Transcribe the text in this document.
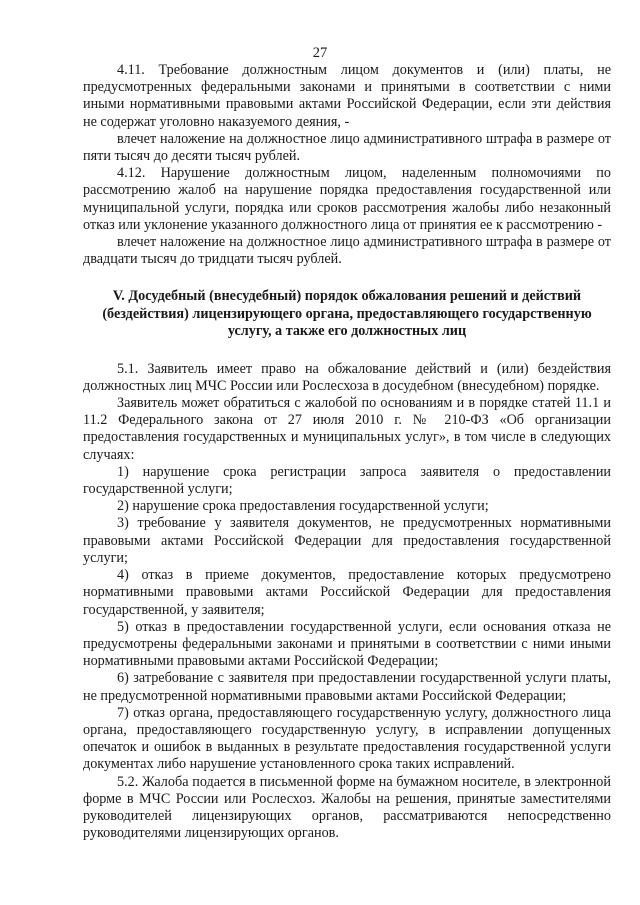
27

4.11. Требование должностным лицом документов и (или) платы, не предусмотренных федеральными законами и принятыми в соответствии с ними иными нормативными правовыми актами Российской Федерации, если эти действия не содержат уголовно наказуемого деяния, -

влечет наложение на должностное лицо административного штрафа в размере от пяти тысяч до десяти тысяч рублей.

4.12. Нарушение должностным лицом, наделенным полномочиями по рассмотрению жалоб на нарушение порядка предоставления государственной или муниципальной услуги, порядка или сроков рассмотрения жалобы либо незаконный отказ или уклонение указанного должностного лица от принятия ее к рассмотрению -

влечет наложение на должностное лицо административного штрафа в размере от двадцати тысяч до тридцати тысяч рублей.

V. Досудебный (внесудебный) порядок обжалования решений и действий
(бездействия) лицензирующего органа, предоставляющего государственную
услугу, а также его должностных лиц

5.1. Заявитель имеет право на обжалование действий и (или) бездействия должностных лиц МЧС России или Рослесхоза в досудебном (внесудебном) порядке.

Заявитель может обратиться с жалобой по основаниям и в порядке статей 11.1 и 11.2 Федерального закона от 27 июля 2010 г. № 210-ФЗ «Об организации предоставления государственных и муниципальных услуг», в том числе в следующих случаях:

1) нарушение срока регистрации запроса заявителя о предоставлении государственной услуги;

2) нарушение срока предоставления государственной услуги;

3) требование у заявителя документов, не предусмотренных нормативными правовыми актами Российской Федерации для предоставления государственной услуги;

4) отказ в приеме документов, предоставление которых предусмотрено нормативными правовыми актами Российской Федерации для предоставления государственной, у заявителя;

5) отказ в предоставлении государственной услуги, если основания отказа не предусмотрены федеральными законами и принятыми в соответствии с ними иными нормативными правовыми актами Российской Федерации;

6) затребование с заявителя при предоставлении государственной услуги платы, не предусмотренной нормативными правовыми актами Российской Федерации;

7) отказ органа, предоставляющего государственную услугу, должностного лица органа, предоставляющего государственную услугу, в исправлении допущенных опечаток и ошибок в выданных в результате предоставления государственной услуги документах либо нарушение установленного срока таких исправлений.

5.2. Жалоба подается в письменной форме на бумажном носителе, в электронной форме в МЧС России или Рослесхоз. Жалобы на решения, принятые заместителями руководителей лицензирующих органов, рассматриваются непосредственно руководителями лицензирующих органов.
